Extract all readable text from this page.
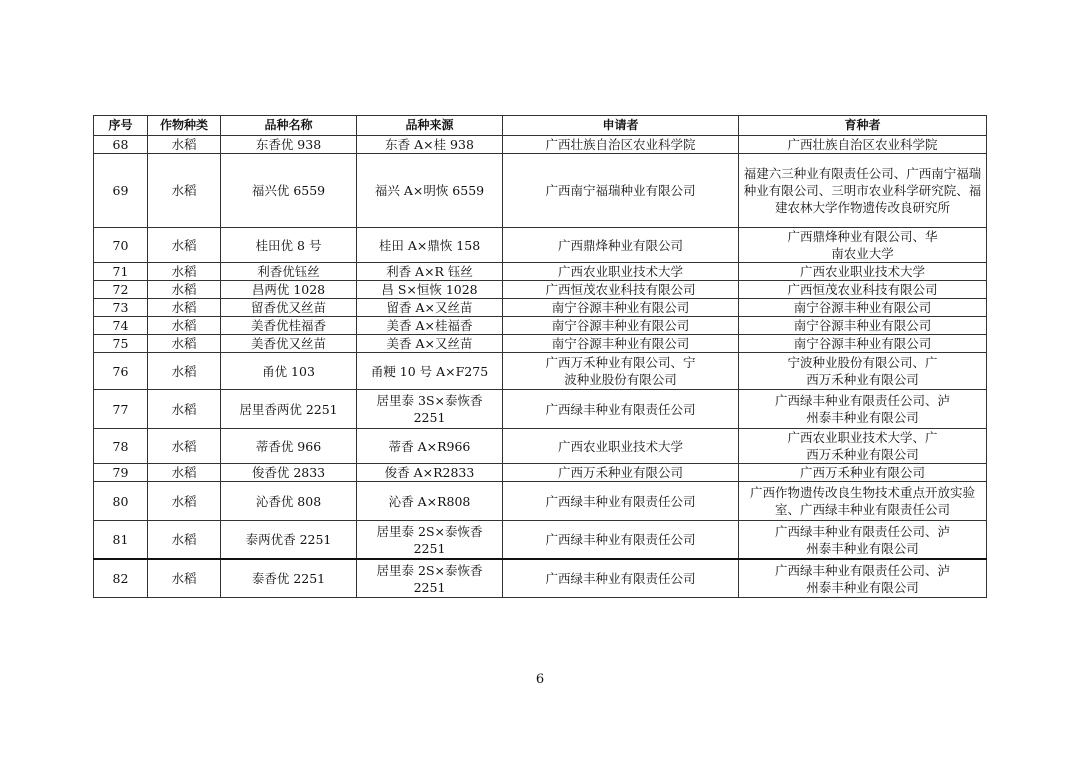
序号	作物种类	品种名称	品种来源	申请者	育种者
68	水稻	东香优 938	东香 A×桂 938	广西壮族自治区农业科学院	广西壮族自治区农业科学院
69	水稻	福兴优 6559	福兴 A×明恢 6559	广西南宁福瑞种业有限公司	福建六三种业有限责任公司、广西南宁福瑞种业有限公司、三明市农业科学研究院、福建农林大学作物遗传改良研究所
70	水稻	桂田优 8 号	桂田 A×鼎恢 158	广西鼎烽种业有限公司	广西鼎烽种业有限公司、华南农业大学
71	水稻	利香优钰丝	利香 A×R 钰丝	广西农业职业技术大学	广西农业职业技术大学
72	水稻	昌两优 1028	昌 S×恒恢 1028	广西恒茂农业科技有限公司	广西恒茂农业科技有限公司
73	水稻	留香优又丝苗	留香 A×又丝苗	南宁谷源丰种业有限公司	南宁谷源丰种业有限公司
74	水稻	美香优桂福香	美香 A×桂福香	南宁谷源丰种业有限公司	南宁谷源丰种业有限公司
75	水稻	美香优又丝苗	美香 A×又丝苗	南宁谷源丰种业有限公司	南宁谷源丰种业有限公司
76	水稻	甬优 103	甬粳 10 号 A×F275	广西万禾种业有限公司、宁波种业股份有限公司	宁波种业股份有限公司、广西万禾种业有限公司
77	水稻	居里香两优 2251	居里泰 3S×泰恢香 2251	广西绿丰种业有限责任公司	广西绿丰种业有限责任公司、泸州泰丰种业有限公司
78	水稻	蒂香优 966	蒂香 A×R966	广西农业职业技术大学	广西农业职业技术大学、广西万禾种业有限公司
79	水稻	俊香优 2833	俊香 A×R2833	广西万禾种业有限公司	广西万禾种业有限公司
80	水稻	沁香优 808	沁香 A×R808	广西绿丰种业有限责任公司	广西作物遗传改良生物技术重点开放实验室、广西绿丰种业有限责任公司
81	水稻	泰两优香 2251	居里泰 2S×泰恢香 2251	广西绿丰种业有限责任公司	广西绿丰种业有限责任公司、泸州泰丰种业有限公司
82	水稻	泰香优 2251	居里泰 2S×泰恢香 2251	广西绿丰种业有限责任公司	广西绿丰种业有限责任公司、泸州泰丰种业有限公司
6
